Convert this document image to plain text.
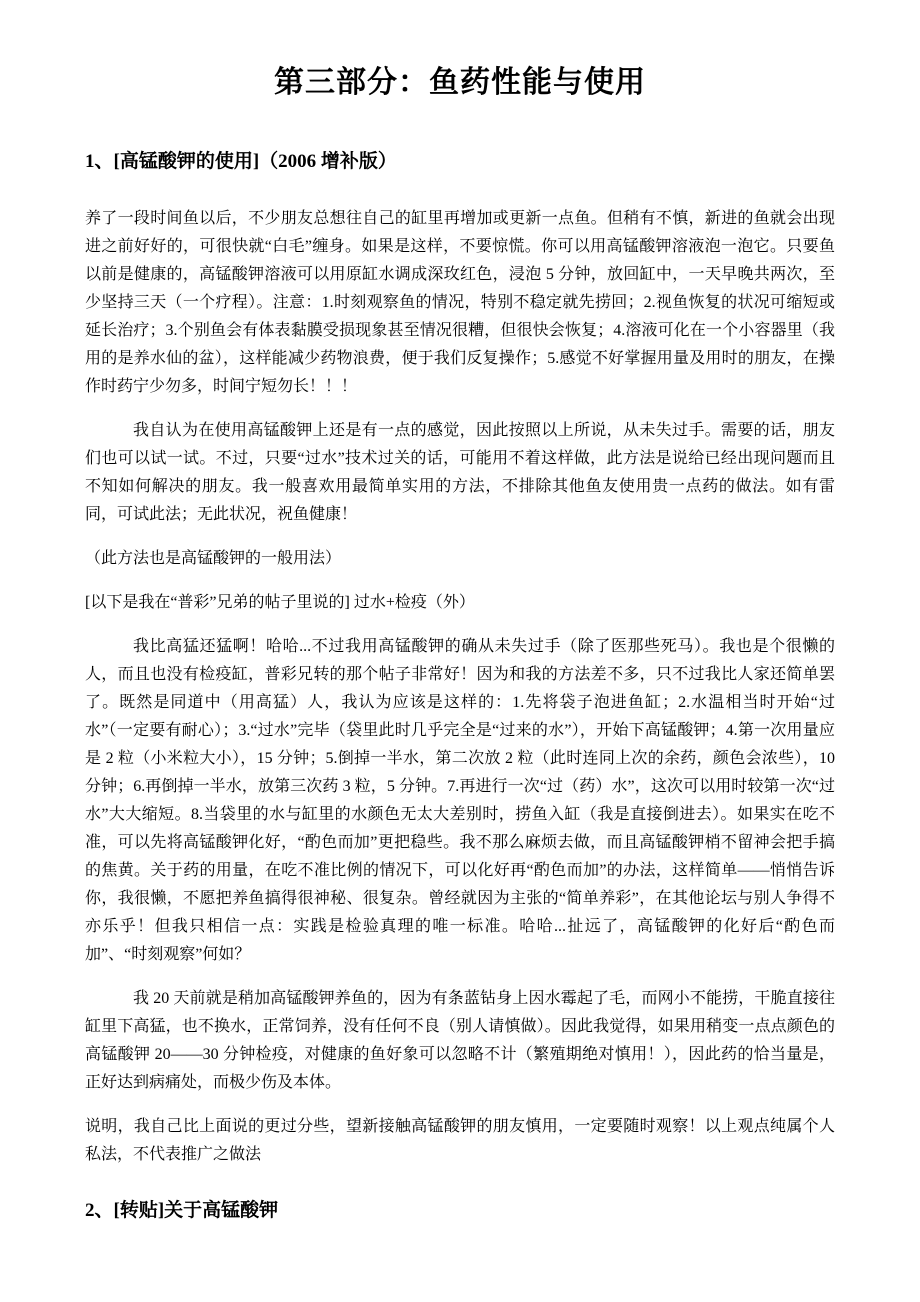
第三部分：鱼药性能与使用
1、[高锰酸钾的使用]（2006 增补版）

养了一段时间鱼以后，不少朋友总想往自己的缸里再增加或更新一点鱼。但稍有不慎，新进的鱼就会出现进之前好好的，可很快就“白毛”缠身。如果是这样，不要惊慌。你可以用高锰酸钾溶液泡一泡它。只要鱼以前是健康的，高锰酸钾溶液可以用原缸水调成深玫红色，浸泡 5 分钟，放回缸中，一天早晚共两次，至少坚持三天（一个疗程）。注意：1.时刻观察鱼的情况，特别不稳定就先捞回；2.视鱼恢复的状况可缩短或延长治疗；3.个别鱼会有体表黏膜受损现象甚至情况很糟，但很快会恢复；4.溶液可化在一个小容器里（我用的是养水仙的盆），这样能减少药物浪费，便于我们反复操作；5.感觉不好掌握用量及用时的朋友，在操作时药宁少勿多，时间宁短勿长！！！

我自认为在使用高锰酸钾上还是有一点的感觉，因此按照以上所说，从未失过手。需要的话，朋友们也可以试一试。不过，只要“过水”技术过关的话，可能用不着这样做，此方法是说给已经出现问题而且不知如何解决的朋友。我一般喜欢用最简单实用的方法，不排除其他鱼友使用贵一点药的做法。如有雷同，可试此法；无此状况，祝鱼健康！

（此方法也是高锰酸钾的一般用法）

[以下是我在“普彩”兄弟的帖子里说的] 过水+检疫（外）

我比高猛还猛啊！哈哈...不过我用高锰酸钾的确从未失过手（除了医那些死马）。我也是个很懒的人，而且也没有检疫缸，普彩兄转的那个帖子非常好！因为和我的方法差不多，只不过我比人家还简单罢了。既然是同道中（用高猛）人，我认为应该是这样的：1.先将袋子泡进鱼缸；2.水温相当时开始“过水”（一定要有耐心）；3.“过水”完毕（袋里此时几乎完全是“过来的水”），开始下高锰酸钾；4.第一次用量应是 2 粒（小米粒大小），15 分钟；5.倒掉一半水，第二次放 2 粒（此时连同上次的余药，颜色会浓些），10 分钟；6.再倒掉一半水，放第三次药 3 粒，5 分钟。7.再进行一次“过（药）水”，这次可以用时较第一次“过水”大大缩短。8.当袋里的水与缸里的水颜色无太大差别时，捞鱼入缸（我是直接倒进去）。如果实在吃不准，可以先将高锰酸钾化好，“酌色而加”更把稳些。我不那么麻烦去做，而且高锰酸钾梢不留神会把手搞的焦黄。关于药的用量，在吃不准比例的情况下，可以化好再“酌色而加”的办法，这样简单——悄悄告诉你，我很懒，不愿把养鱼搞得很神秘、很复杂。曾经就因为主张的“简单养彩”，在其他论坛与别人争得不亦乐乎！但我只相信一点：实践是检验真理的唯一标准。哈哈...扯远了，高锰酸钾的化好后“酌色而加”、“时刻观察”何如？

我 20 天前就是稍加高锰酸钾养鱼的，因为有条蓝钻身上因水霉起了毛，而网小不能捞，干脆直接往缸里下高猛，也不换水，正常饲养，没有任何不良（别人请慎做）。因此我觉得，如果用稍变一点点颜色的高锰酸钾 20——30 分钟检疫，对健康的鱼好象可以忽略不计（繁殖期绝对慎用！），因此药的恰当量是，正好达到病痛处，而极少伤及本体。

说明，我自己比上面说的更过分些，望新接触高锰酸钾的朋友慎用，一定要随时观察！以上观点纯属个人私法，不代表推广之做法

2、[转贴]关于高锰酸钾
